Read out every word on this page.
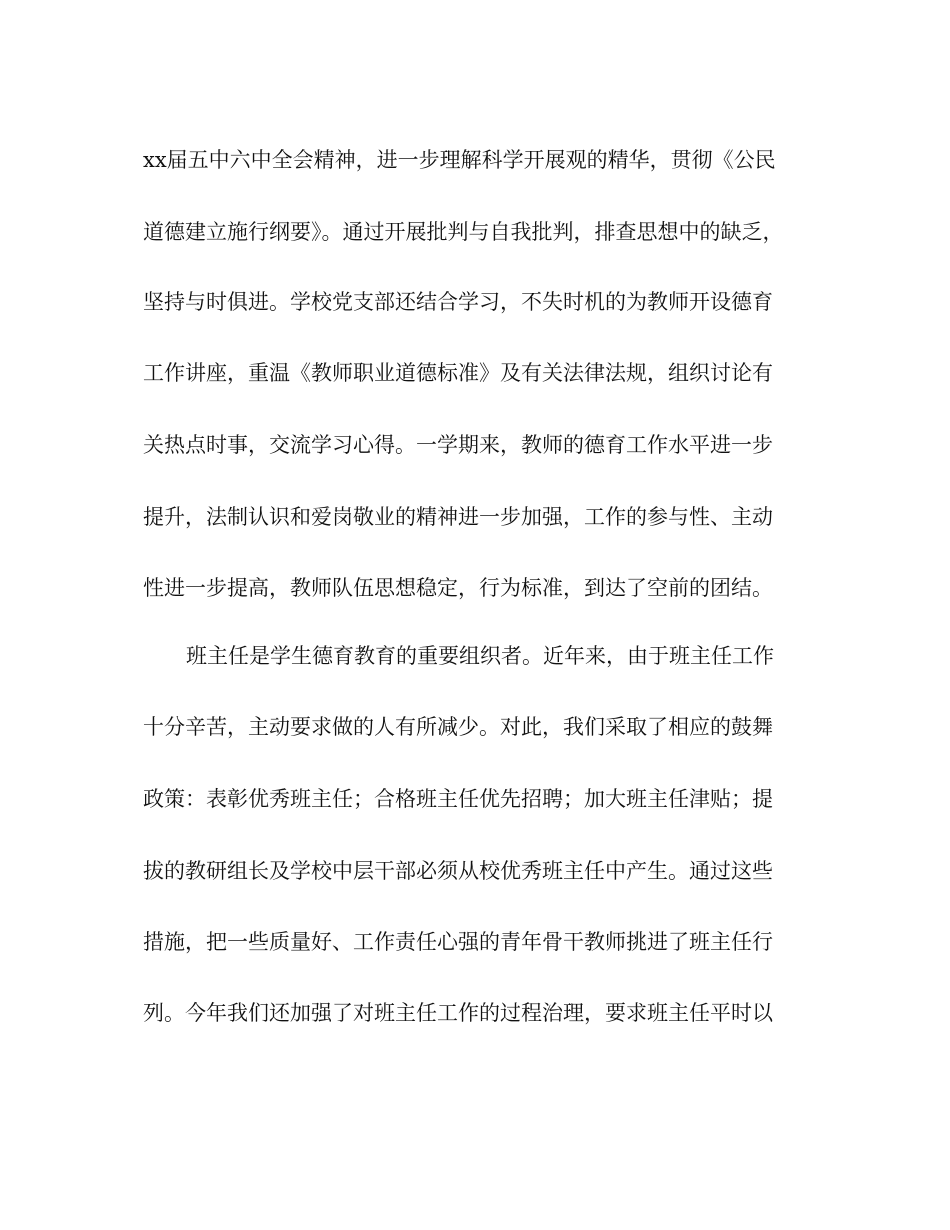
xx届五中六中全会精神，进一步理解科学开展观的精华，贯彻《公民
道德建立施行纲要》。通过开展批判与自我批判，排查思想中的缺乏，
坚持与时俱进。学校党支部还结合学习，不失时机的为教师开设德育
工作讲座，重温《教师职业道德标准》及有关法律法规，组织讨论有
关热点时事，交流学习心得。一学期来，教师的德育工作水平进一步
提升，法制认识和爱岗敬业的精神进一步加强，工作的参与性、主动
性进一步提高，教师队伍思想稳定，行为标准，到达了空前的团结。
班主任是学生德育教育的重要组织者。近年来，由于班主任工作
十分辛苦，主动要求做的人有所减少。对此，我们采取了相应的鼓舞
政策：表彰优秀班主任；合格班主任优先招聘；加大班主任津贴；提
拔的教研组长及学校中层干部必须从校优秀班主任中产生。通过这些
措施，把一些质量好、工作责任心强的青年骨干教师挑进了班主任行
列。今年我们还加强了对班主任工作的过程治理，要求班主任平时以
